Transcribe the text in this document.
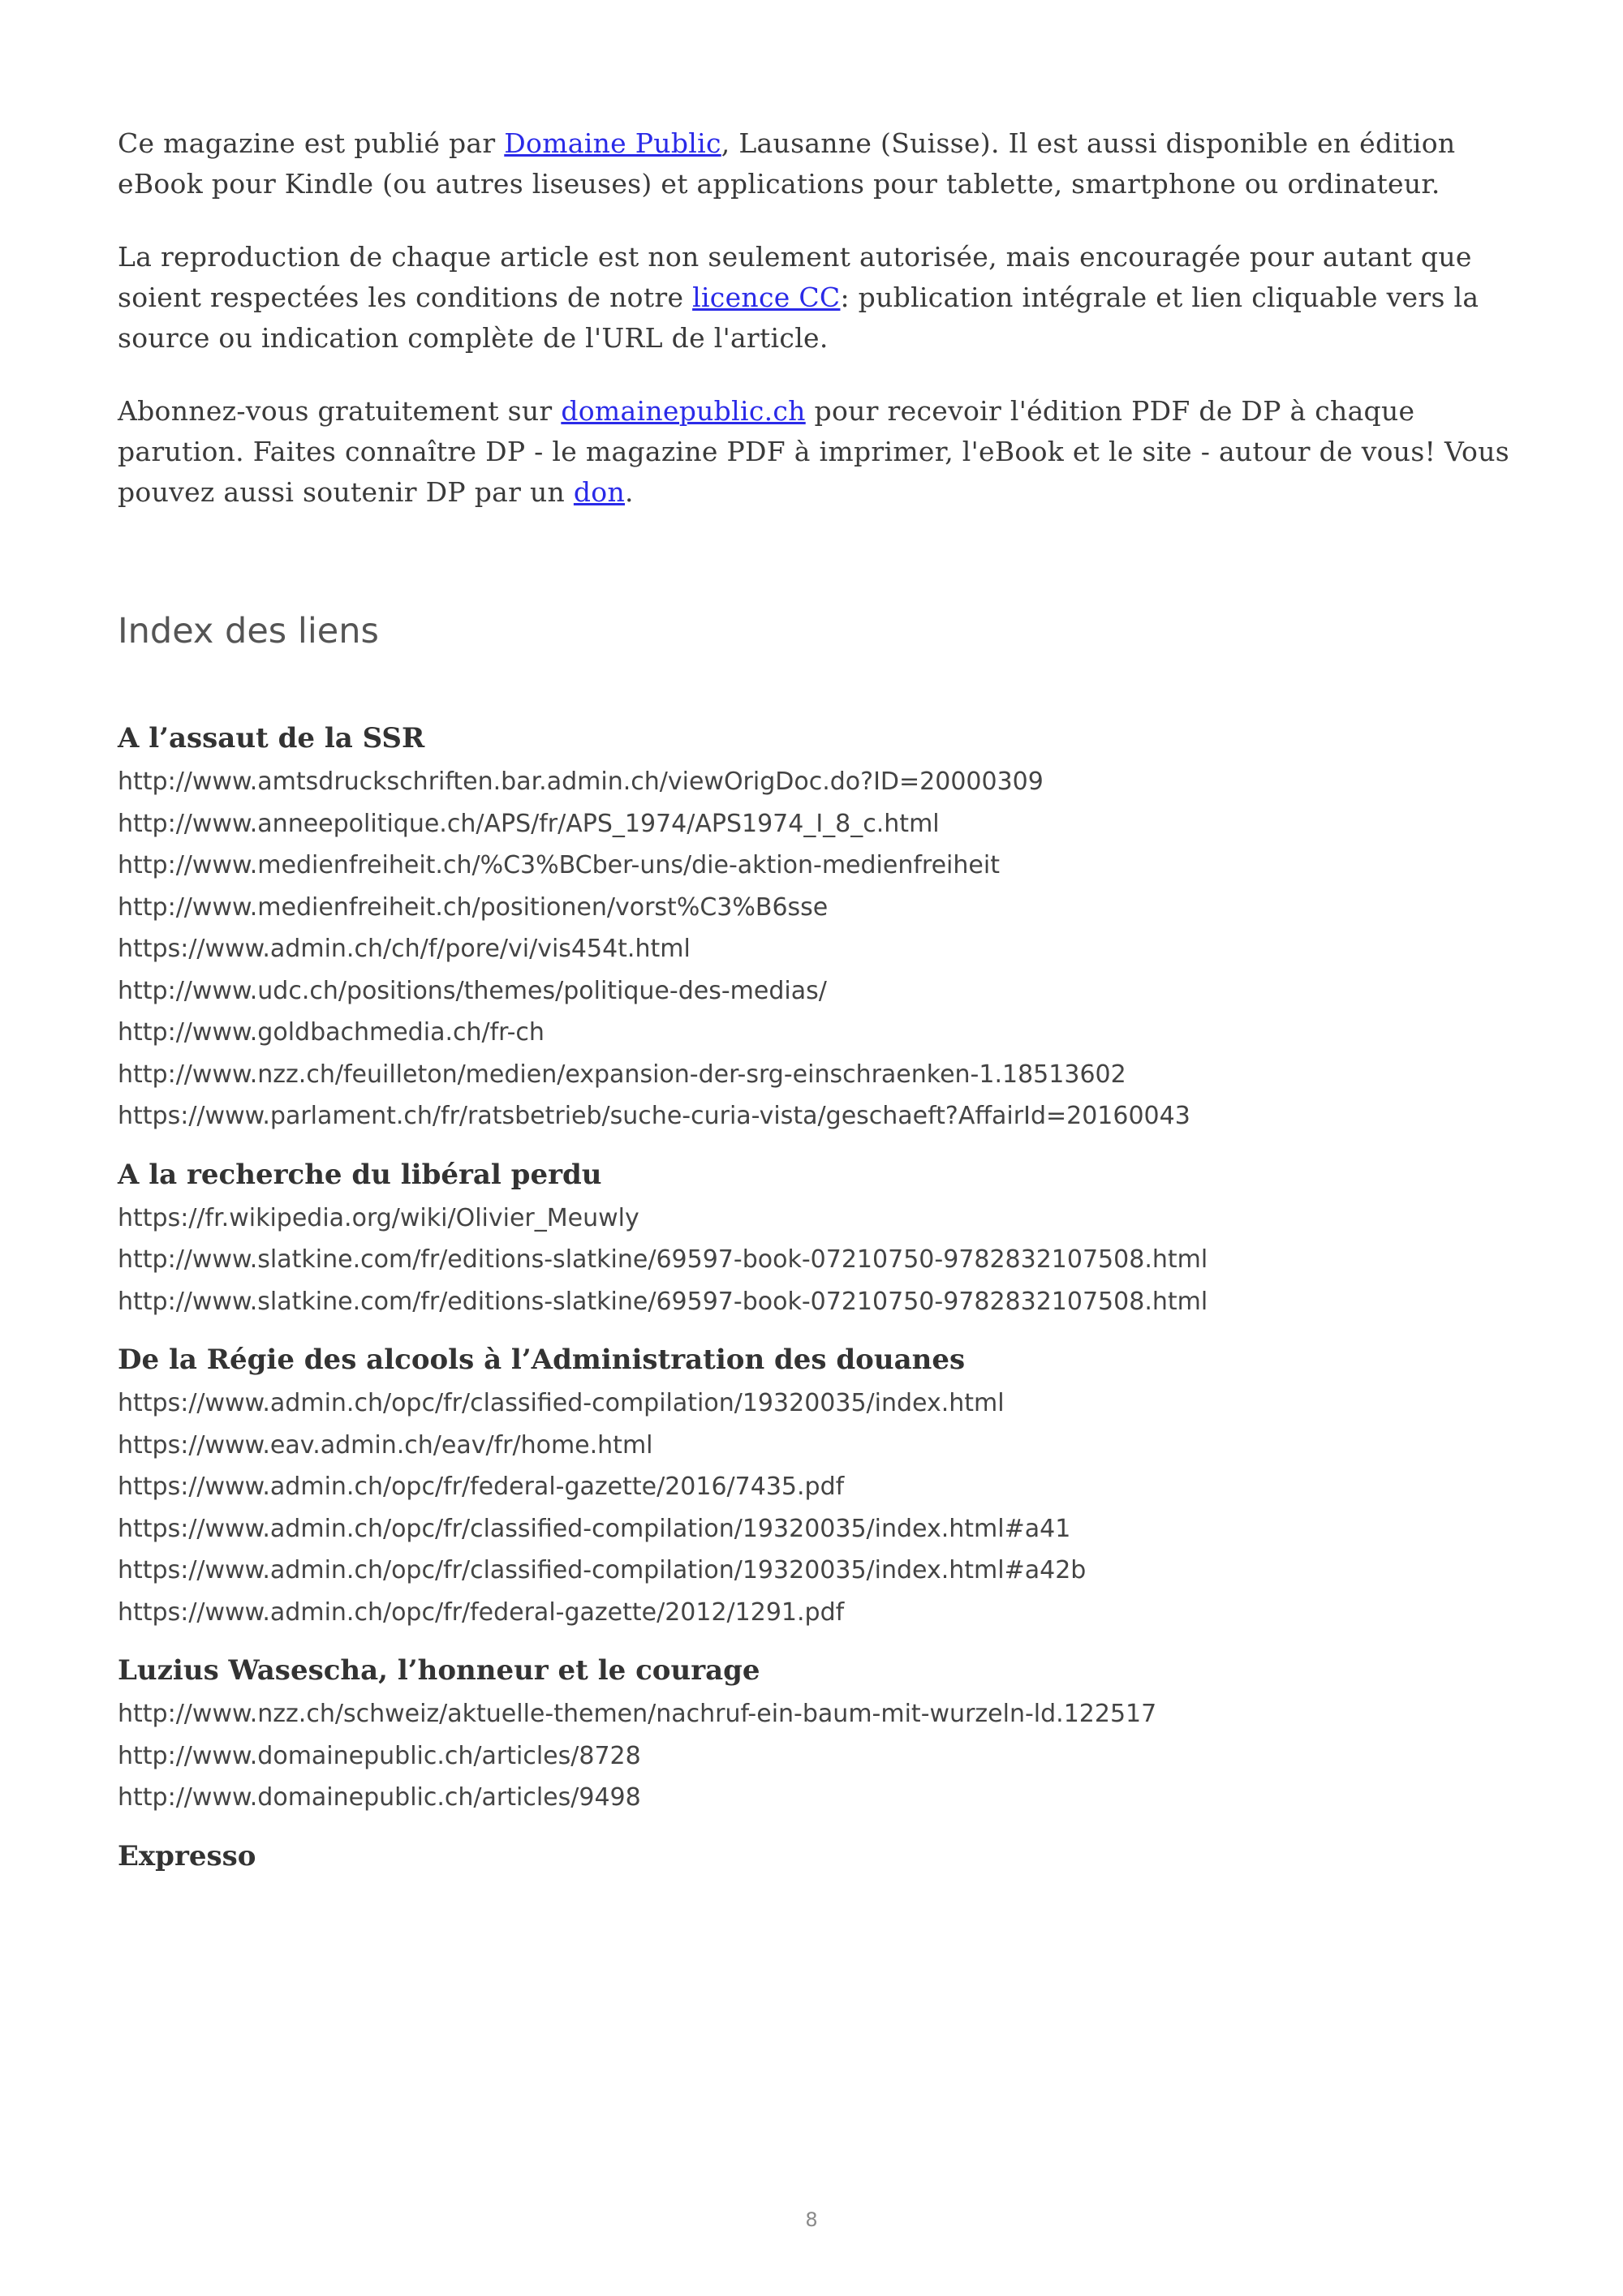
Ce magazine est publié par Domaine Public, Lausanne (Suisse). Il est aussi disponible en édition eBook pour Kindle (ou autres liseuses) et applications pour tablette, smartphone ou ordinateur.

La reproduction de chaque article est non seulement autorisée, mais encouragée pour autant que soient respectées les conditions de notre licence CC: publication intégrale et lien cliquable vers la source ou indication complète de l'URL de l'article.

Abonnez-vous gratuitement sur domainepublic.ch pour recevoir l'édition PDF de DP à chaque parution. Faites connaître DP - le magazine PDF à imprimer, l'eBook et le site - autour de vous! Vous pouvez aussi soutenir DP par un don.

Index des liens
A l’assaut de la SSR
http://www.amtsdruckschriften.bar.admin.ch/viewOrigDoc.do?ID=20000309
http://www.anneepolitique.ch/APS/fr/APS_1974/APS1974_I_8_c.html
http://www.medienfreiheit.ch/%C3%BCber-uns/die-aktion-medienfreiheit
http://www.medienfreiheit.ch/positionen/vorst%C3%B6sse
https://www.admin.ch/ch/f/pore/vi/vis454t.html
http://www.udc.ch/positions/themes/politique-des-medias/
http://www.goldbachmedia.ch/fr-ch
http://www.nzz.ch/feuilleton/medien/expansion-der-srg-einschraenken-1.18513602
https://www.parlament.ch/fr/ratsbetrieb/suche-curia-vista/geschaeft?AffairId=20160043
A la recherche du libéral perdu
https://fr.wikipedia.org/wiki/Olivier_Meuwly
http://www.slatkine.com/fr/editions-slatkine/69597-book-07210750-9782832107508.html
http://www.slatkine.com/fr/editions-slatkine/69597-book-07210750-9782832107508.html
De la Régie des alcools à l’Administration des douanes
https://www.admin.ch/opc/fr/classified-compilation/19320035/index.html
https://www.eav.admin.ch/eav/fr/home.html
https://www.admin.ch/opc/fr/federal-gazette/2016/7435.pdf
https://www.admin.ch/opc/fr/classified-compilation/19320035/index.html#a41
https://www.admin.ch/opc/fr/classified-compilation/19320035/index.html#a42b
https://www.admin.ch/opc/fr/federal-gazette/2012/1291.pdf
Luzius Wasescha, l’honneur et le courage
http://www.nzz.ch/schweiz/aktuelle-themen/nachruf-ein-baum-mit-wurzeln-ld.122517
http://www.domainepublic.ch/articles/8728
http://www.domainepublic.ch/articles/9498
Expresso
8
